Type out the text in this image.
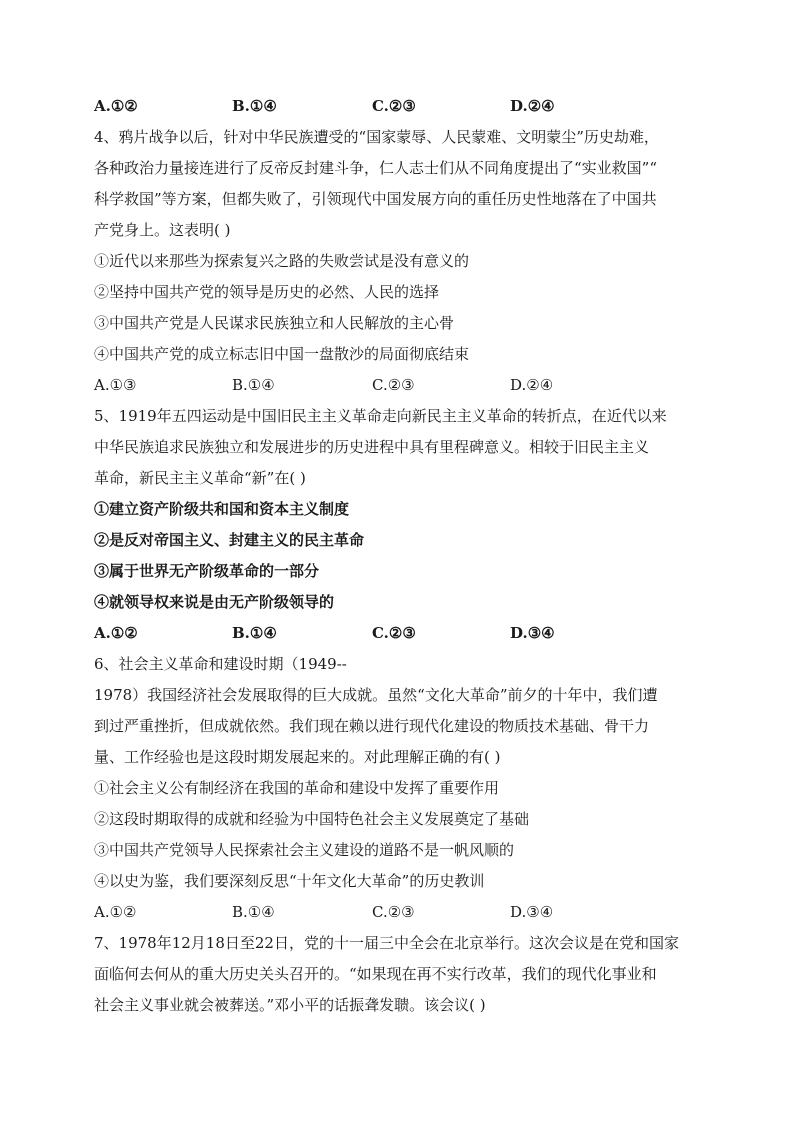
A.①②	B.①④	C.②③	D.②④
4、鸦片战争以后，针对中华民族遭受的“国家蒙辱、人民蒙难、文明蒙尘”历史劫难，
各种政治力量接连进行了反帝反封建斗争，仁人志士们从不同角度提出了“实业救国”“
科学救国”等方案，但都失败了，引领现代中国发展方向的重任历史性地落在了中国共
产党身上。这表明( )
①近代以来那些为探索复兴之路的失败尝试是没有意义的
②坚持中国共产党的领导是历史的必然、人民的选择
③中国共产党是人民谋求民族独立和人民解放的主心骨
④中国共产党的成立标志旧中国一盘散沙的局面彻底结束
A.①③	B.①④	C.②③	D.②④
5、1919年五四运动是中国旧民主主义革命走向新民主主义革命的转折点，在近代以来
中华民族追求民族独立和发展进步的历史进程中具有里程碑意义。相较于旧民主主义
革命，新民主主义革命“新”在( )
①建立资产阶级共和国和资本主义制度
②是反对帝国主义、封建主义的民主革命
③属于世界无产阶级革命的一部分
④就领导权来说是由无产阶级领导的
A.①②	B.①④	C.②③	D.③④
6、社会主义革命和建设时期（1949--
1978）我国经济社会发展取得的巨大成就。虽然“文化大革命”前夕的十年中，我们遭
到过严重挫折，但成就依然。我们现在赖以进行现代化建设的物质技术基础、骨干力
量、工作经验也是这段时期发展起来的。对此理解正确的有( )
①社会主义公有制经济在我国的革命和建设中发挥了重要作用
②这段时期取得的成就和经验为中国特色社会主义发展奠定了基础
③中国共产党领导人民探索社会主义建设的道路不是一帆风顺的
④以史为鉴，我们要深刻反思“十年文化大革命”的历史教训
A.①②	B.①④	C.②③	D.③④
7、1978年12月18日至22日，党的十一届三中全会在北京举行。这次会议是在党和国家
面临何去何从的重大历史关头召开的。“如果现在再不实行改革，我们的现代化事业和
社会主义事业就会被葬送。”邓小平的话振聋发聩。该会议( )
